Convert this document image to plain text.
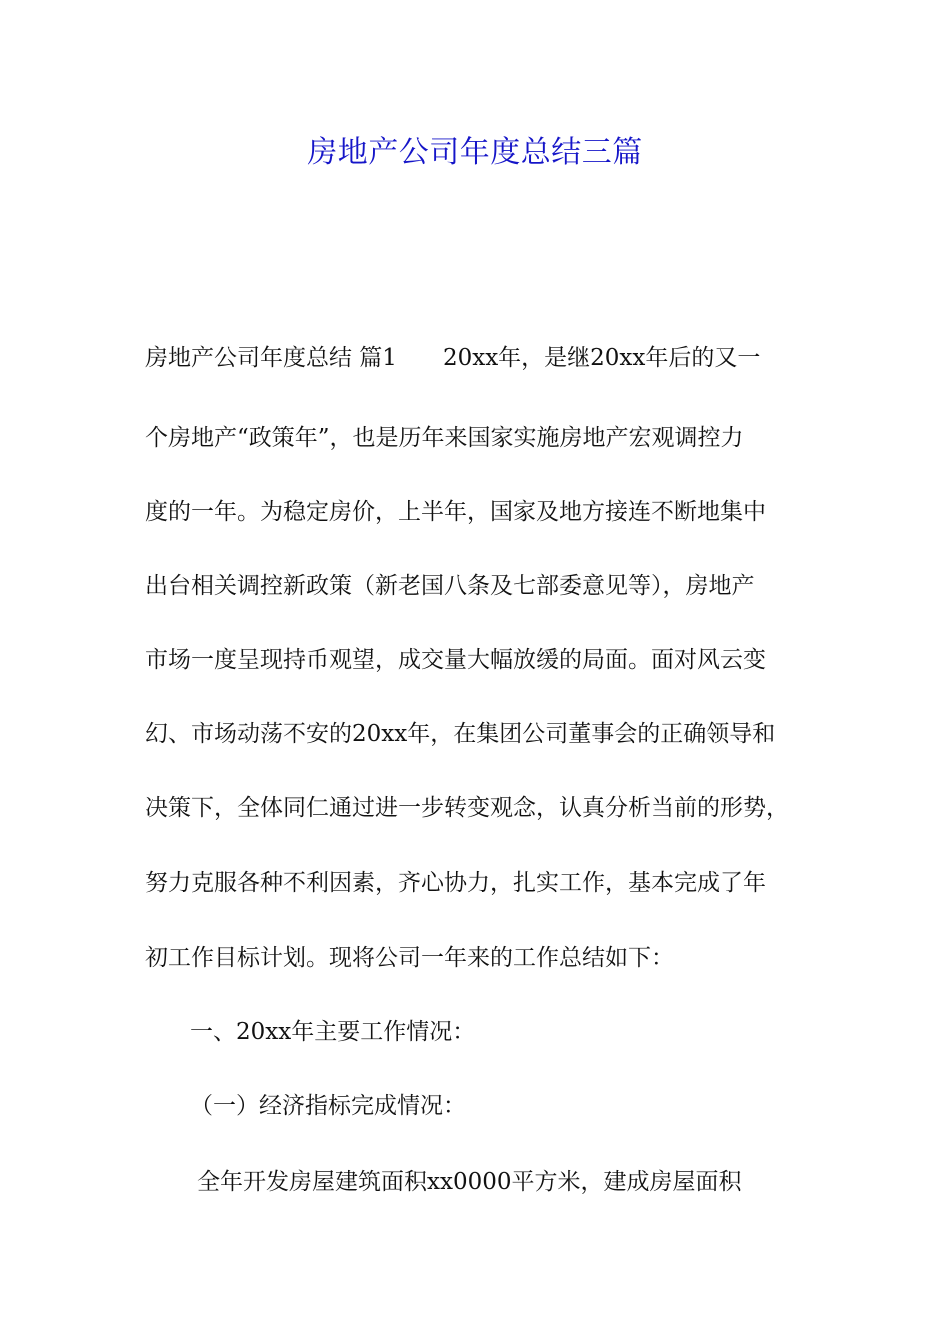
房地产公司年度总结三篇
房地产公司年度总结 篇1 20xx年，是继20xx年后的又一
个房地产“政策年”，也是历年来国家实施房地产宏观调控力
度的一年。为稳定房价，上半年，国家及地方接连不断地集中
出台相关调控新政策（新老国八条及七部委意见等），房地产
市场一度呈现持币观望，成交量大幅放缓的局面。面对风云变
幻、市场动荡不安的20xx年，在集团公司董事会的正确领导和
决策下，全体同仁通过进一步转变观念，认真分析当前的形势，
努力克服各种不利因素，齐心协力，扎实工作，基本完成了年
初工作目标计划。现将公司一年来的工作总结如下：
一、20xx年主要工作情况：
（一）经济指标完成情况：
全年开发房屋建筑面积xx0000平方米，建成房屋面积
